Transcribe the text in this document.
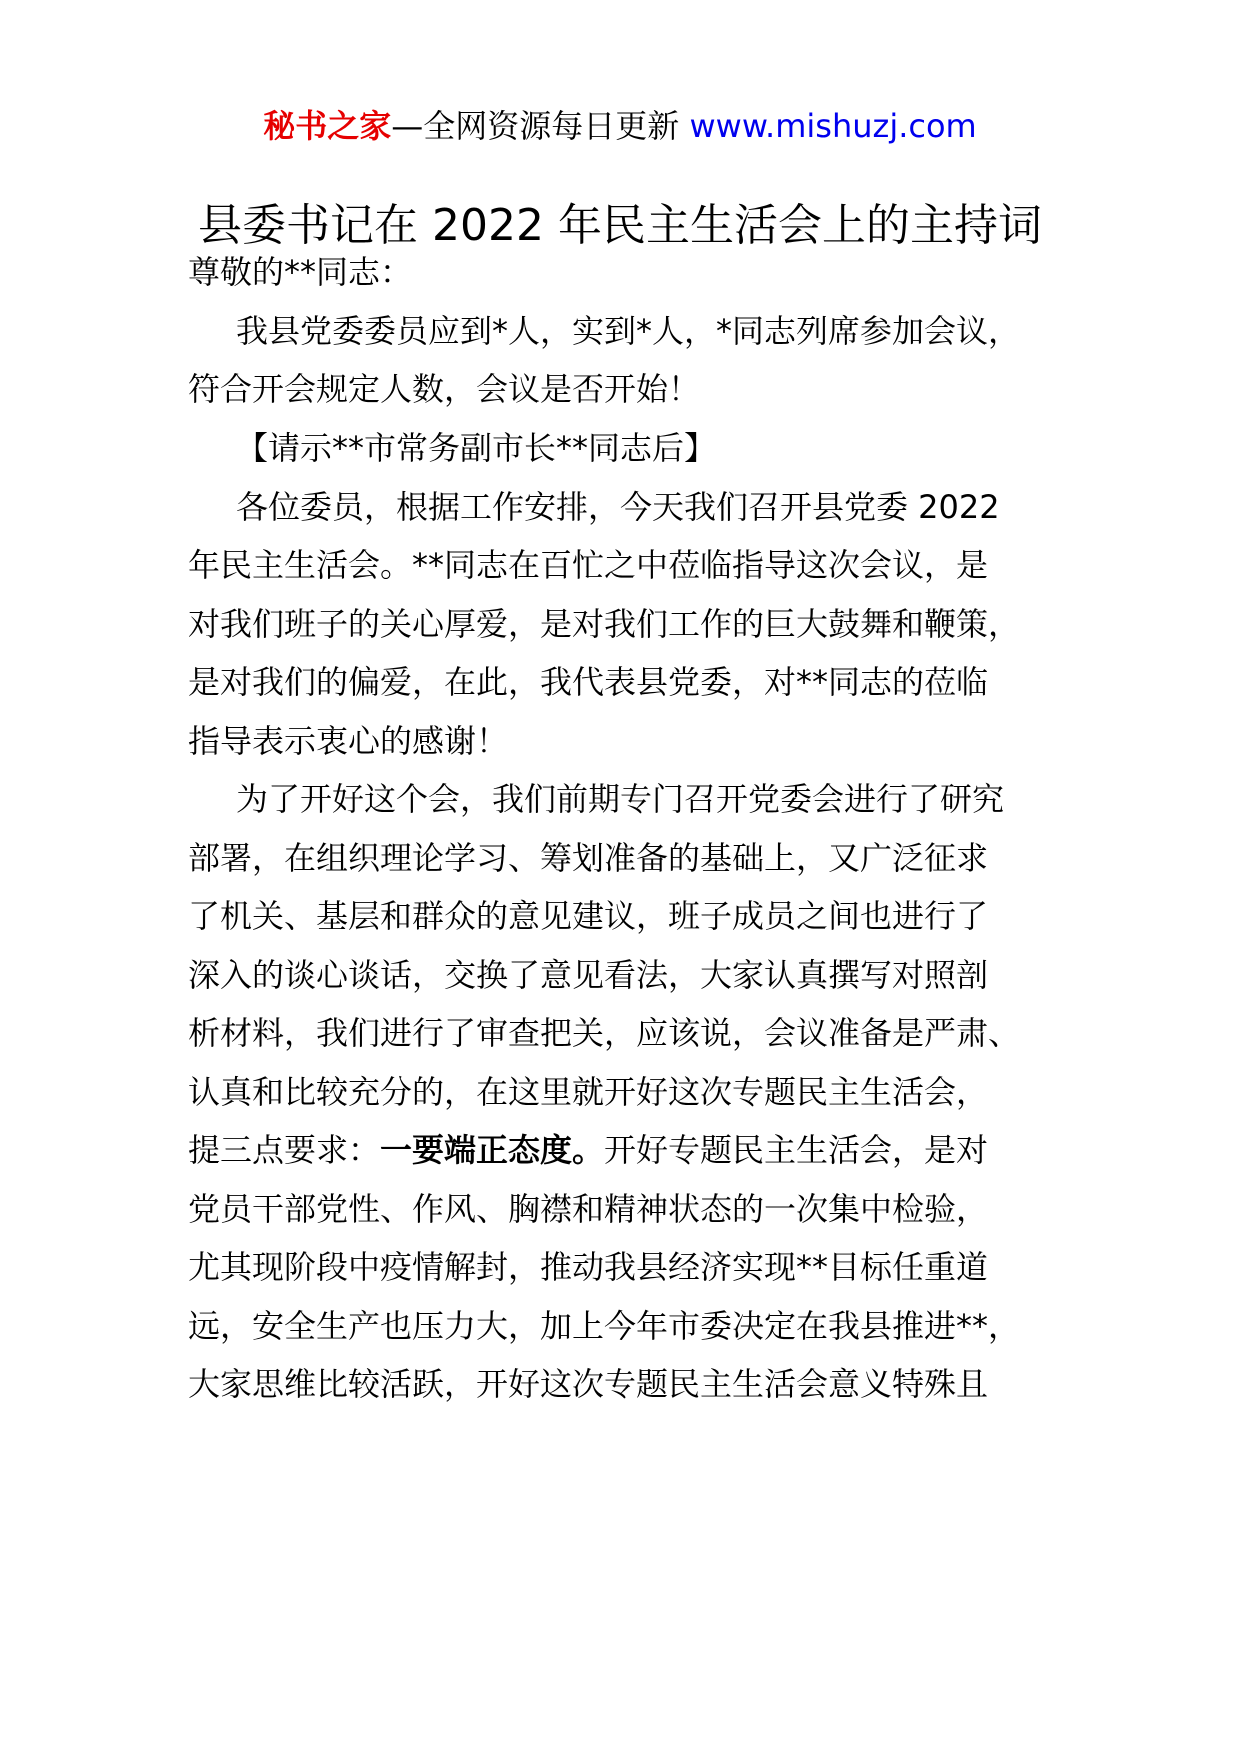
秘书之家—全网资源每日更新 www.mishuzj.com
县委书记在 2022 年民主生活会上的主持词
尊敬的**同志：
我县党委委员应到*人，实到*人，*同志列席参加会议，
符合开会规定人数，会议是否开始！
【请示**市常务副市长**同志后】
各位委员，根据工作安排，今天我们召开县党委 2022
年民主生活会。**同志在百忙之中莅临指导这次会议，是
对我们班子的关心厚爱，是对我们工作的巨大鼓舞和鞭策，
是对我们的偏爱，在此，我代表县党委，对**同志的莅临
指导表示衷心的感谢！
为了开好这个会，我们前期专门召开党委会进行了研究
部署，在组织理论学习、筹划准备的基础上，又广泛征求
了机关、基层和群众的意见建议，班子成员之间也进行了
深入的谈心谈话，交换了意见看法，大家认真撰写对照剖
析材料，我们进行了审查把关，应该说，会议准备是严肃、
认真和比较充分的，在这里就开好这次专题民主生活会，
提三点要求：一要端正态度。开好专题民主生活会，是对
党员干部党性、作风、胸襟和精神状态的一次集中检验，
尤其现阶段中疫情解封，推动我县经济实现**目标任重道
远，安全生产也压力大，加上今年市委决定在我县推进**，
大家思维比较活跃，开好这次专题民主生活会意义特殊且
